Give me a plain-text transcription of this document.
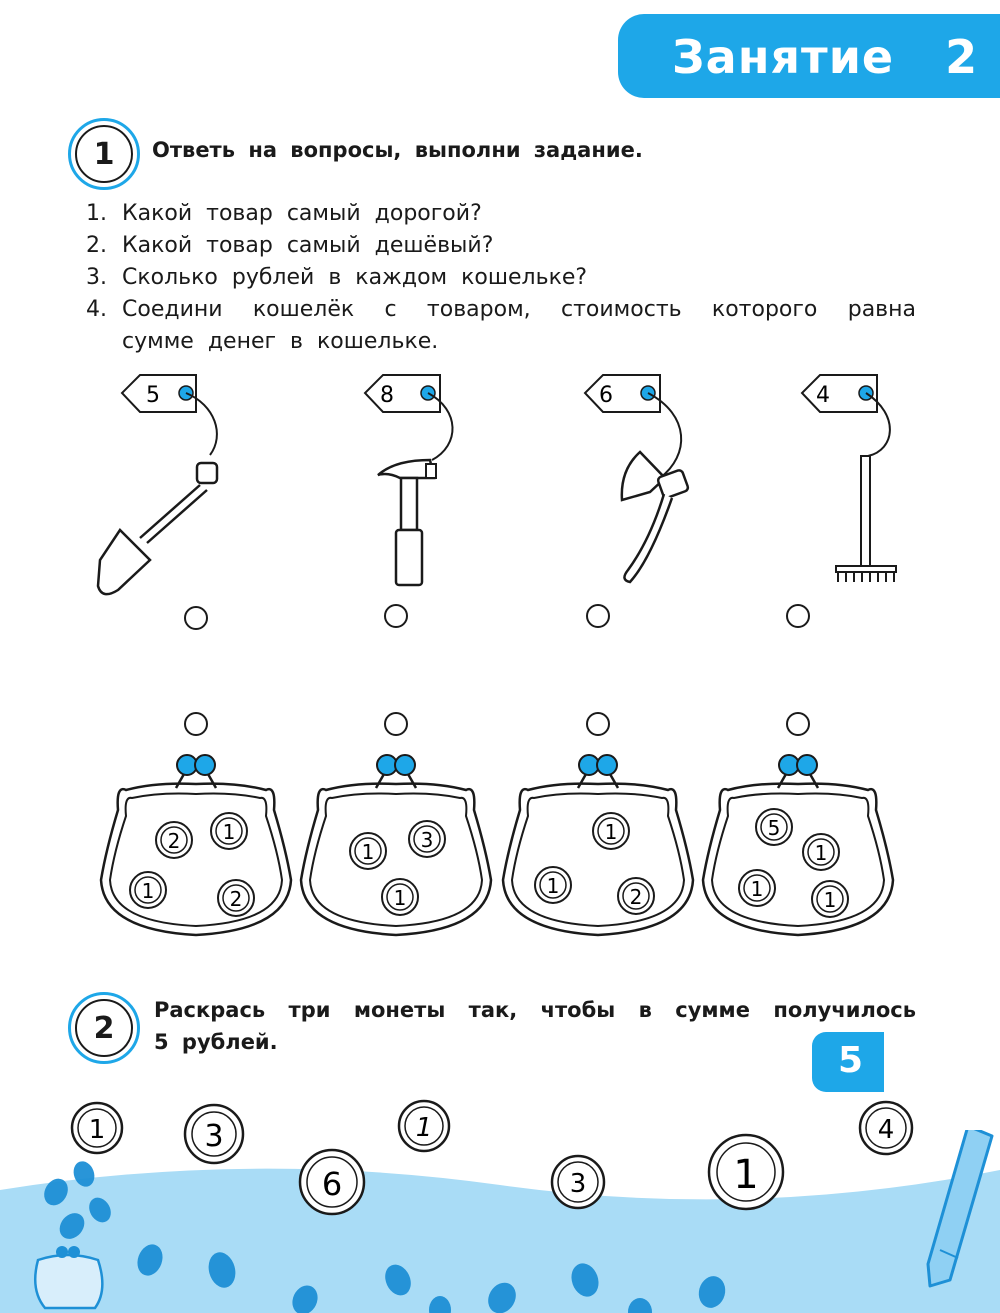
Занятие   2
1	Ответь на вопросы, выполни задание.
1. Какой товар самый дорогой?
2. Какой товар самый дешёвый?
3. Сколько рублей в каждом кошельке?
4. Соедини кошелёк с товаром, стоимость которого равна
сумме денег в кошельке.
5	8	6	4
2 1
1	2
1 3
1
1
1	2
5
1
1	1
2
Раскрась три монеты так, чтобы в сумме получилось
5 рублей.
1	3
6
1
3	1
4
5
